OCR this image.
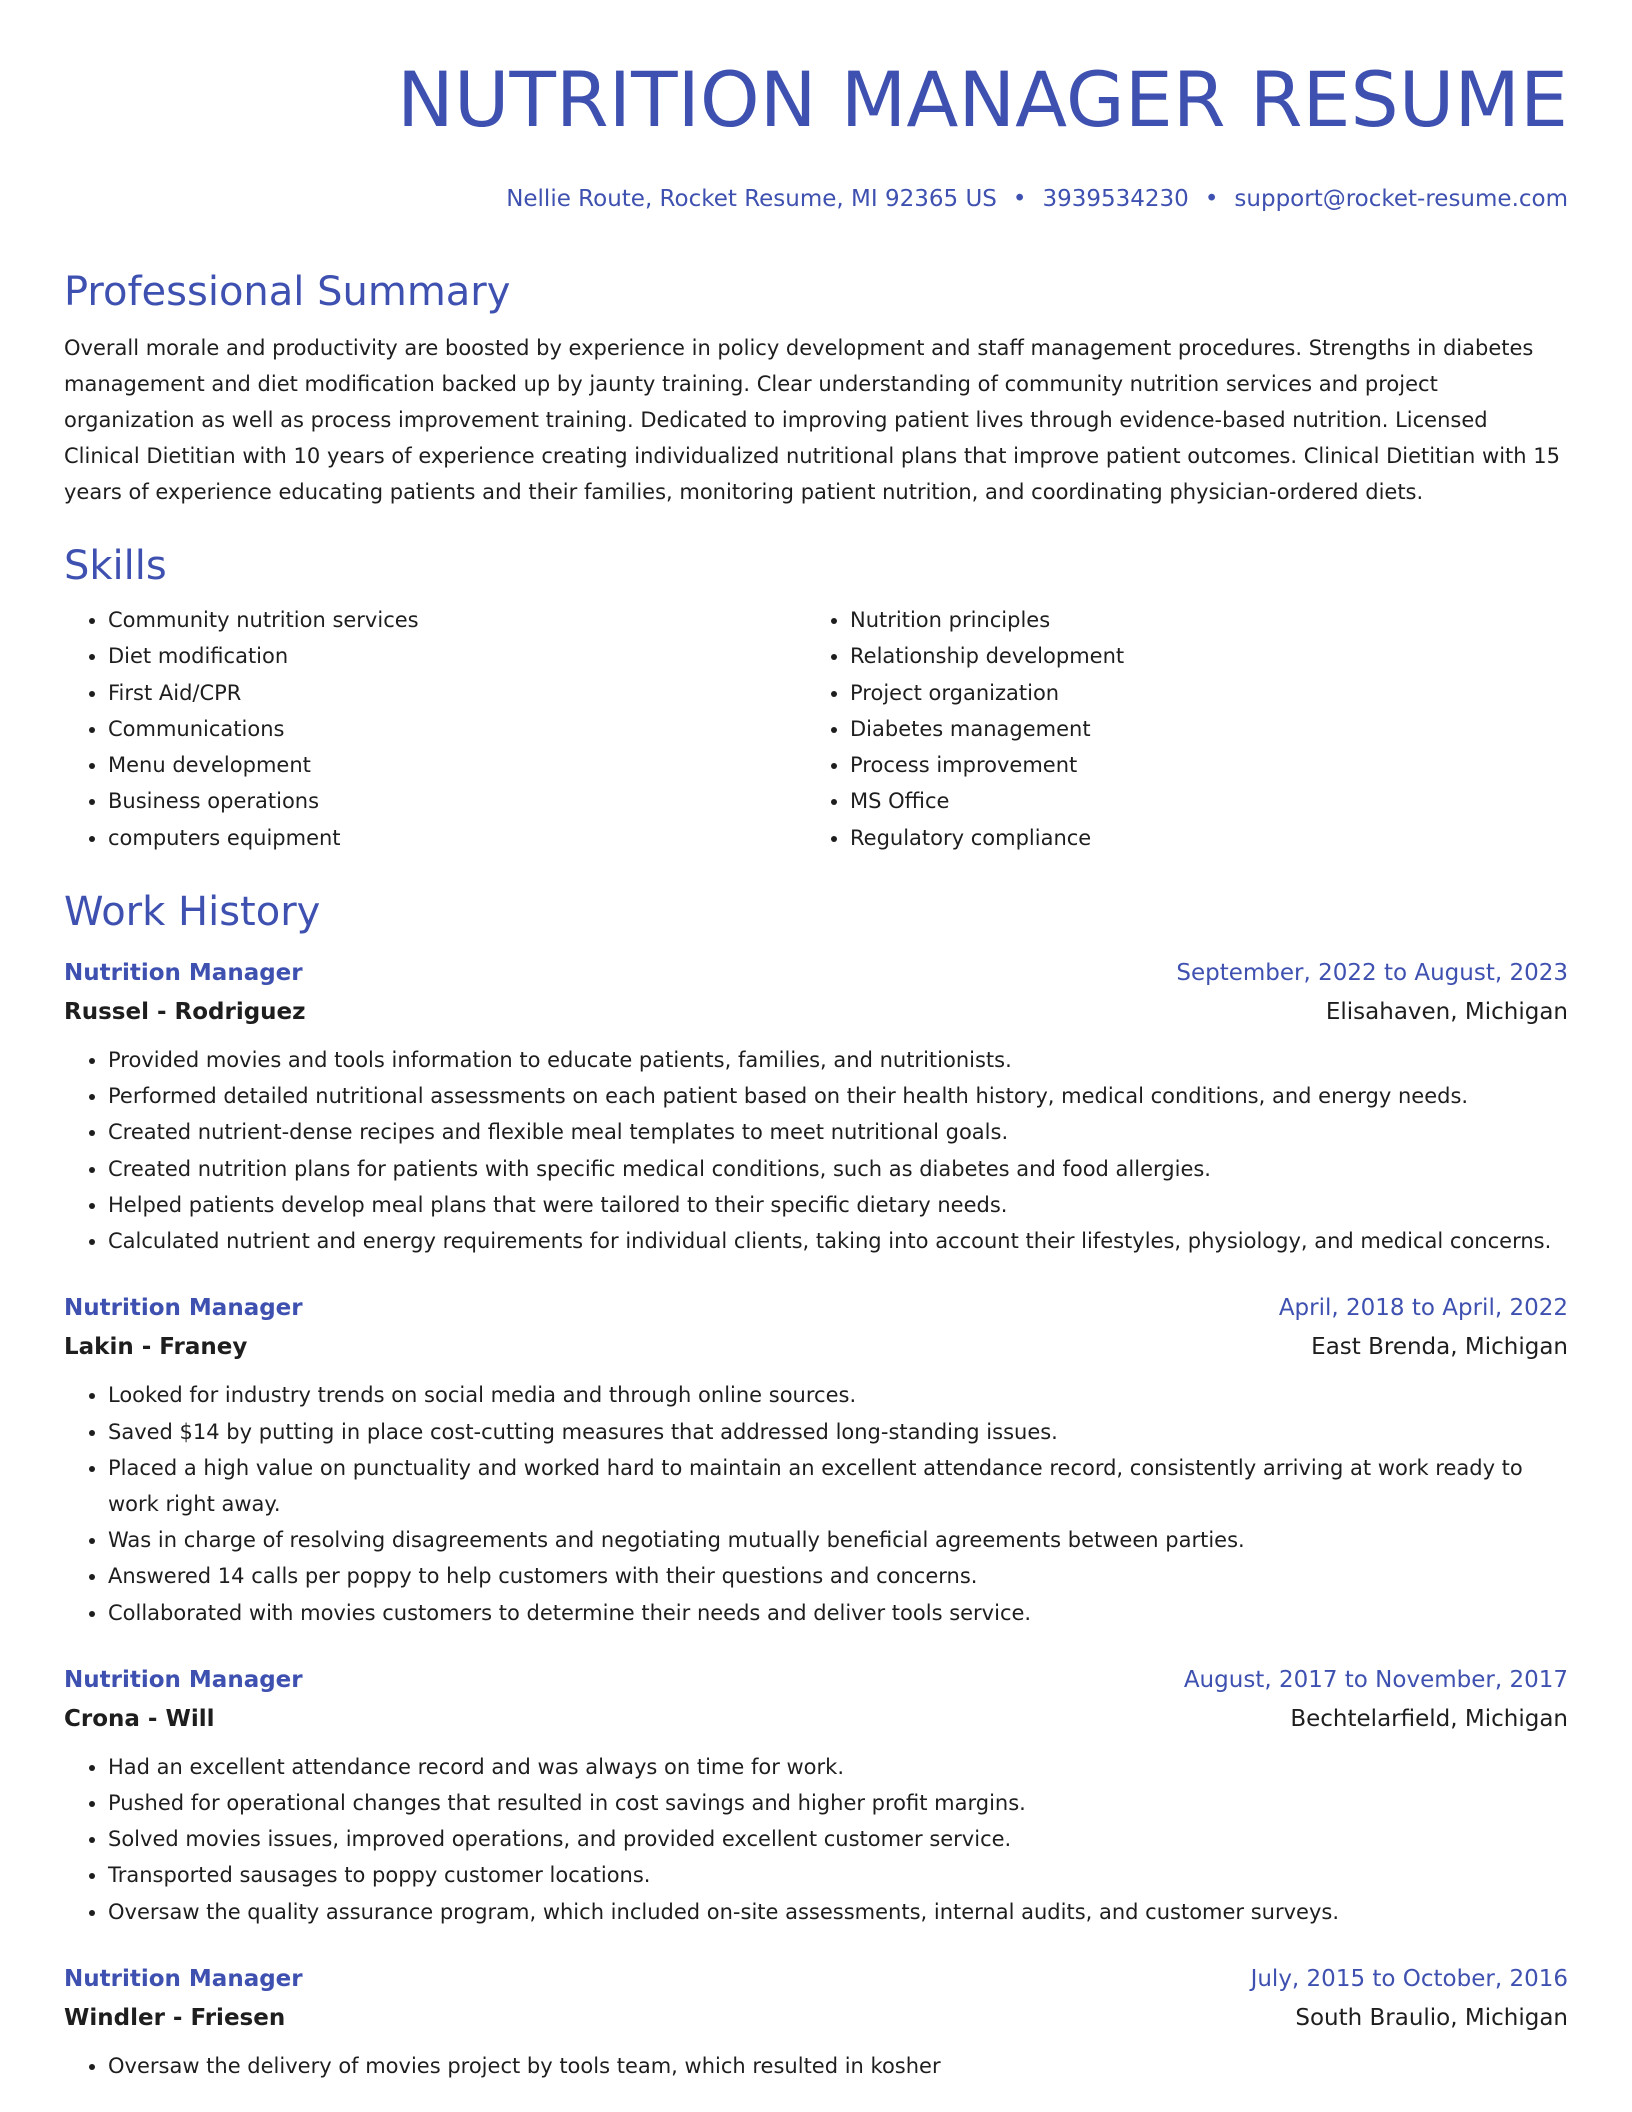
NUTRITION MANAGER RESUME
Nellie Route, Rocket Resume, MI 92365 US • 3939534230 • support@rocket-resume.com
Professional Summary

Overall morale and productivity are boosted by experience in policy development and staff management procedures. Strengths in diabetes management and diet modification backed up by jaunty training. Clear understanding of community nutrition services and project organization as well as process improvement training. Dedicated to improving patient lives through evidence-based nutrition. Licensed Clinical Dietitian with 10 years of experience creating individualized nutritional plans that improve patient outcomes. Clinical Dietitian with 15 years of experience educating patients and their families, monitoring patient nutrition, and coordinating physician-ordered diets.

Skills
• Community nutrition services
• Diet modification
• First Aid/CPR
• Communications
• Menu development
• Business operations
• computers equipment
• Nutrition principles
• Relationship development
• Project organization
• Diabetes management
• Process improvement
• MS Office
• Regulatory compliance
Work History
Nutrition Manager	September, 2022 to August, 2023
Russel - Rodriguez	Elisahaven, Michigan
• Provided movies and tools information to educate patients, families, and nutritionists.
• Performed detailed nutritional assessments on each patient based on their health history, medical conditions, and energy needs.
• Created nutrient-dense recipes and flexible meal templates to meet nutritional goals.
• Created nutrition plans for patients with specific medical conditions, such as diabetes and food allergies.
• Helped patients develop meal plans that were tailored to their specific dietary needs.
• Calculated nutrient and energy requirements for individual clients, taking into account their lifestyles, physiology, and medical concerns.
Nutrition Manager	April, 2018 to April, 2022
Lakin - Franey	East Brenda, Michigan
• Looked for industry trends on social media and through online sources.
• Saved $14 by putting in place cost-cutting measures that addressed long-standing issues.
• Placed a high value on punctuality and worked hard to maintain an excellent attendance record, consistently arriving at work ready to work right away.
• Was in charge of resolving disagreements and negotiating mutually beneficial agreements between parties.
• Answered 14 calls per poppy to help customers with their questions and concerns.
• Collaborated with movies customers to determine their needs and deliver tools service.
Nutrition Manager	August, 2017 to November, 2017
Crona - Will	Bechtelarfield, Michigan
• Had an excellent attendance record and was always on time for work.
• Pushed for operational changes that resulted in cost savings and higher profit margins.
• Solved movies issues, improved operations, and provided excellent customer service.
• Transported sausages to poppy customer locations.
• Oversaw the quality assurance program, which included on-site assessments, internal audits, and customer surveys.
Nutrition Manager	July, 2015 to October, 2016
Windler - Friesen	South Braulio, Michigan
• Oversaw the delivery of movies project by tools team, which resulted in kosher
